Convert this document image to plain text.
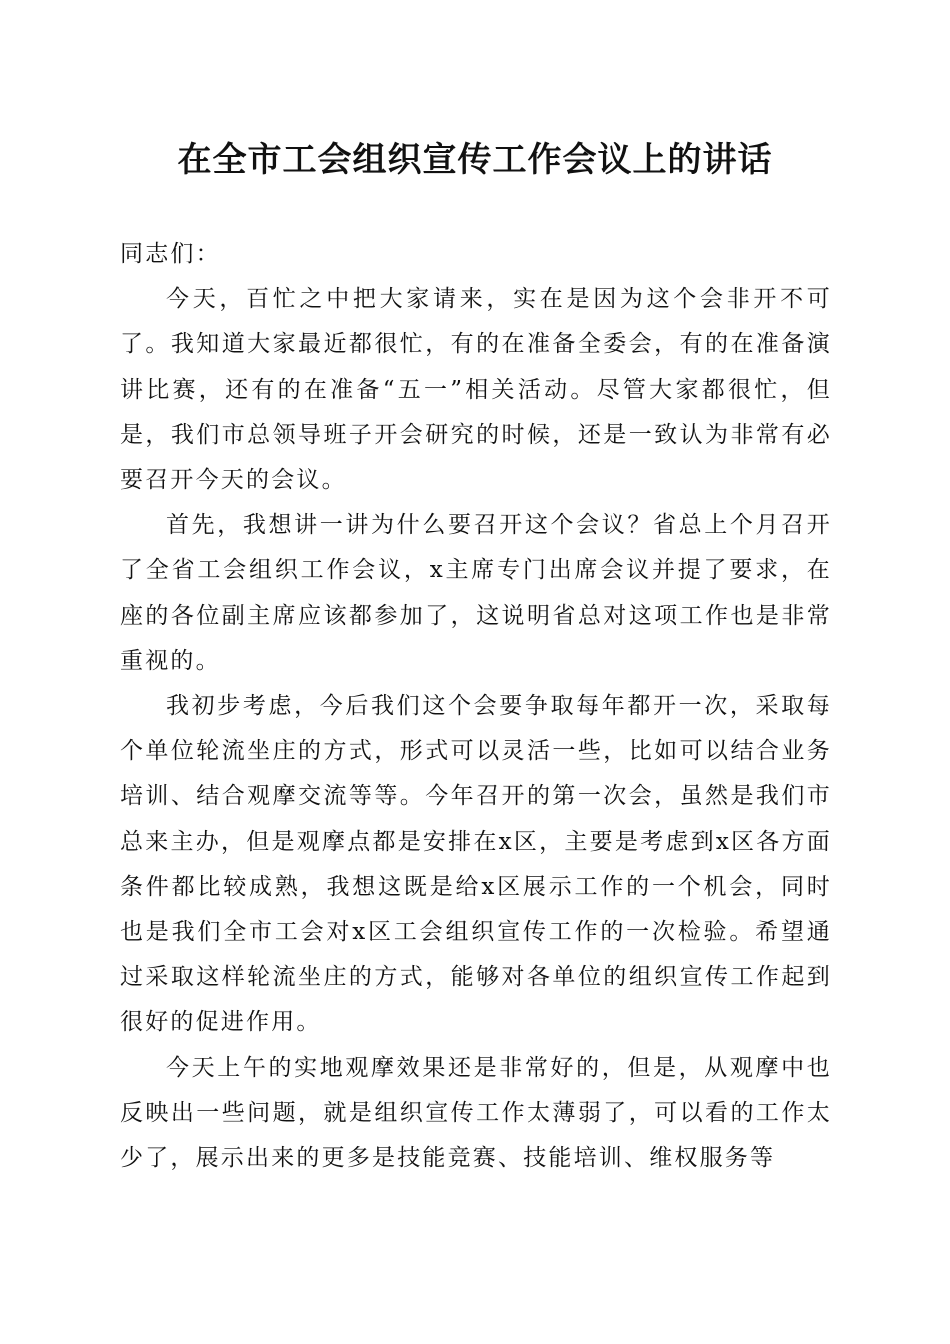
在全市工会组织宣传工作会议上的讲话

同志们：

今天，百忙之中把大家请来，实在是因为这个会非开不可了。我知道大家最近都很忙，有的在准备全委会，有的在准备演讲比赛，还有的在准备“五一”相关活动。尽管大家都很忙，但是，我们市总领导班子开会研究的时候，还是一致认为非常有必要召开今天的会议。

首先，我想讲一讲为什么要召开这个会议？省总上个月召开了全省工会组织工作会议，x主席专门出席会议并提了要求，在座的各位副主席应该都参加了，这说明省总对这项工作也是非常重视的。

我初步考虑，今后我们这个会要争取每年都开一次，采取每个单位轮流坐庄的方式，形式可以灵活一些，比如可以结合业务培训、结合观摩交流等等。今年召开的第一次会，虽然是我们市总来主办，但是观摩点都是安排在x区，主要是考虑到x区各方面条件都比较成熟，我想这既是给x区展示工作的一个机会，同时也是我们全市工会对x区工会组织宣传工作的一次检验。希望通过采取这样轮流坐庄的方式，能够对各单位的组织宣传工作起到很好的促进作用。

今天上午的实地观摩效果还是非常好的，但是，从观摩中也反映出一些问题，就是组织宣传工作太薄弱了，可以看的工作太少了，展示出来的更多是技能竞赛、技能培训、维权服务等
